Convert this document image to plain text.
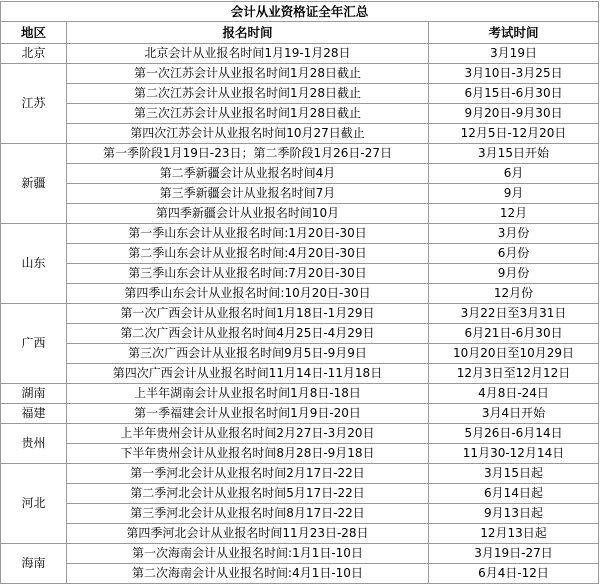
会计从业资格证全年汇总		
地区	报名时间	考试时间
北京	北京会计从业报名时间1月19-1月28日	3月19日
江苏	第一次江苏会计从业报名时间1月28日截止	3月10日-3月25日
	第二次江苏会计从业报名时间1月28日截止	6月15日-6月30日
	第三次江苏会计从业报名时间1月28日截止	9月20日-9月30日
	第四次江苏会计从业报名时间10月27日截止	12月5日-12月20日
新疆	第一季阶段1月19日-23日；第二季阶段1月26日-27日	3月15日开始
	第二季新疆会计从业报名时间4月	6月
	第三季新疆会计从业报名时间7月	9月
	第四季新疆会计从业报名时间10月	12月
山东	第一季山东会计从业报名时间:1月20日-30日	3月份
	第二季山东会计从业报名时间:4月20日-30日	6月份
	第三季山东会计从业报名时间:7月20日-30日	9月份
	第四季山东会计从业报名时间:10月20日-30日	12月份
广西	第一次广西会计从业报名时间1月18日-1月29日	3月22日至3月31日
	第二次广西会计从业报名时间4月25日-4月29日	6月21日-6月30日
	第三次广西会计从业报名时间9月5日-9月9日	10月20日至10月29日
	第四次广西会计从业报名时间11月14日-11月18日	12月3日至12月12日
湖南	上半年湖南会计从业报名时间1月8日-18日	4月8日-24日
福建	第一季福建会计从业报名时间1月9日-20日	3月4日开始
贵州	上半年贵州会计从业报名时间2月27日-3月20日	5月26日-6月14日
	下半年贵州会计从业报名时间8月28日-9月18日	11月30-12月14日
河北	第一季河北会计从业报名时间2月17日-22日	3月15日起
	第二季河北会计从业报名时间5月17日-22日	6月14日起
	第三季河北会计从业报名时间8月17日-22日	9月13日起
	第四季河北会计从业报名时间11月23日-28日	12月13日起
海南	第一次海南会计从业报名时间:1月1日-10日	3月19日-27日
	第二次海南会计从业报名时间:4月1日-10日	6月4日-12日
